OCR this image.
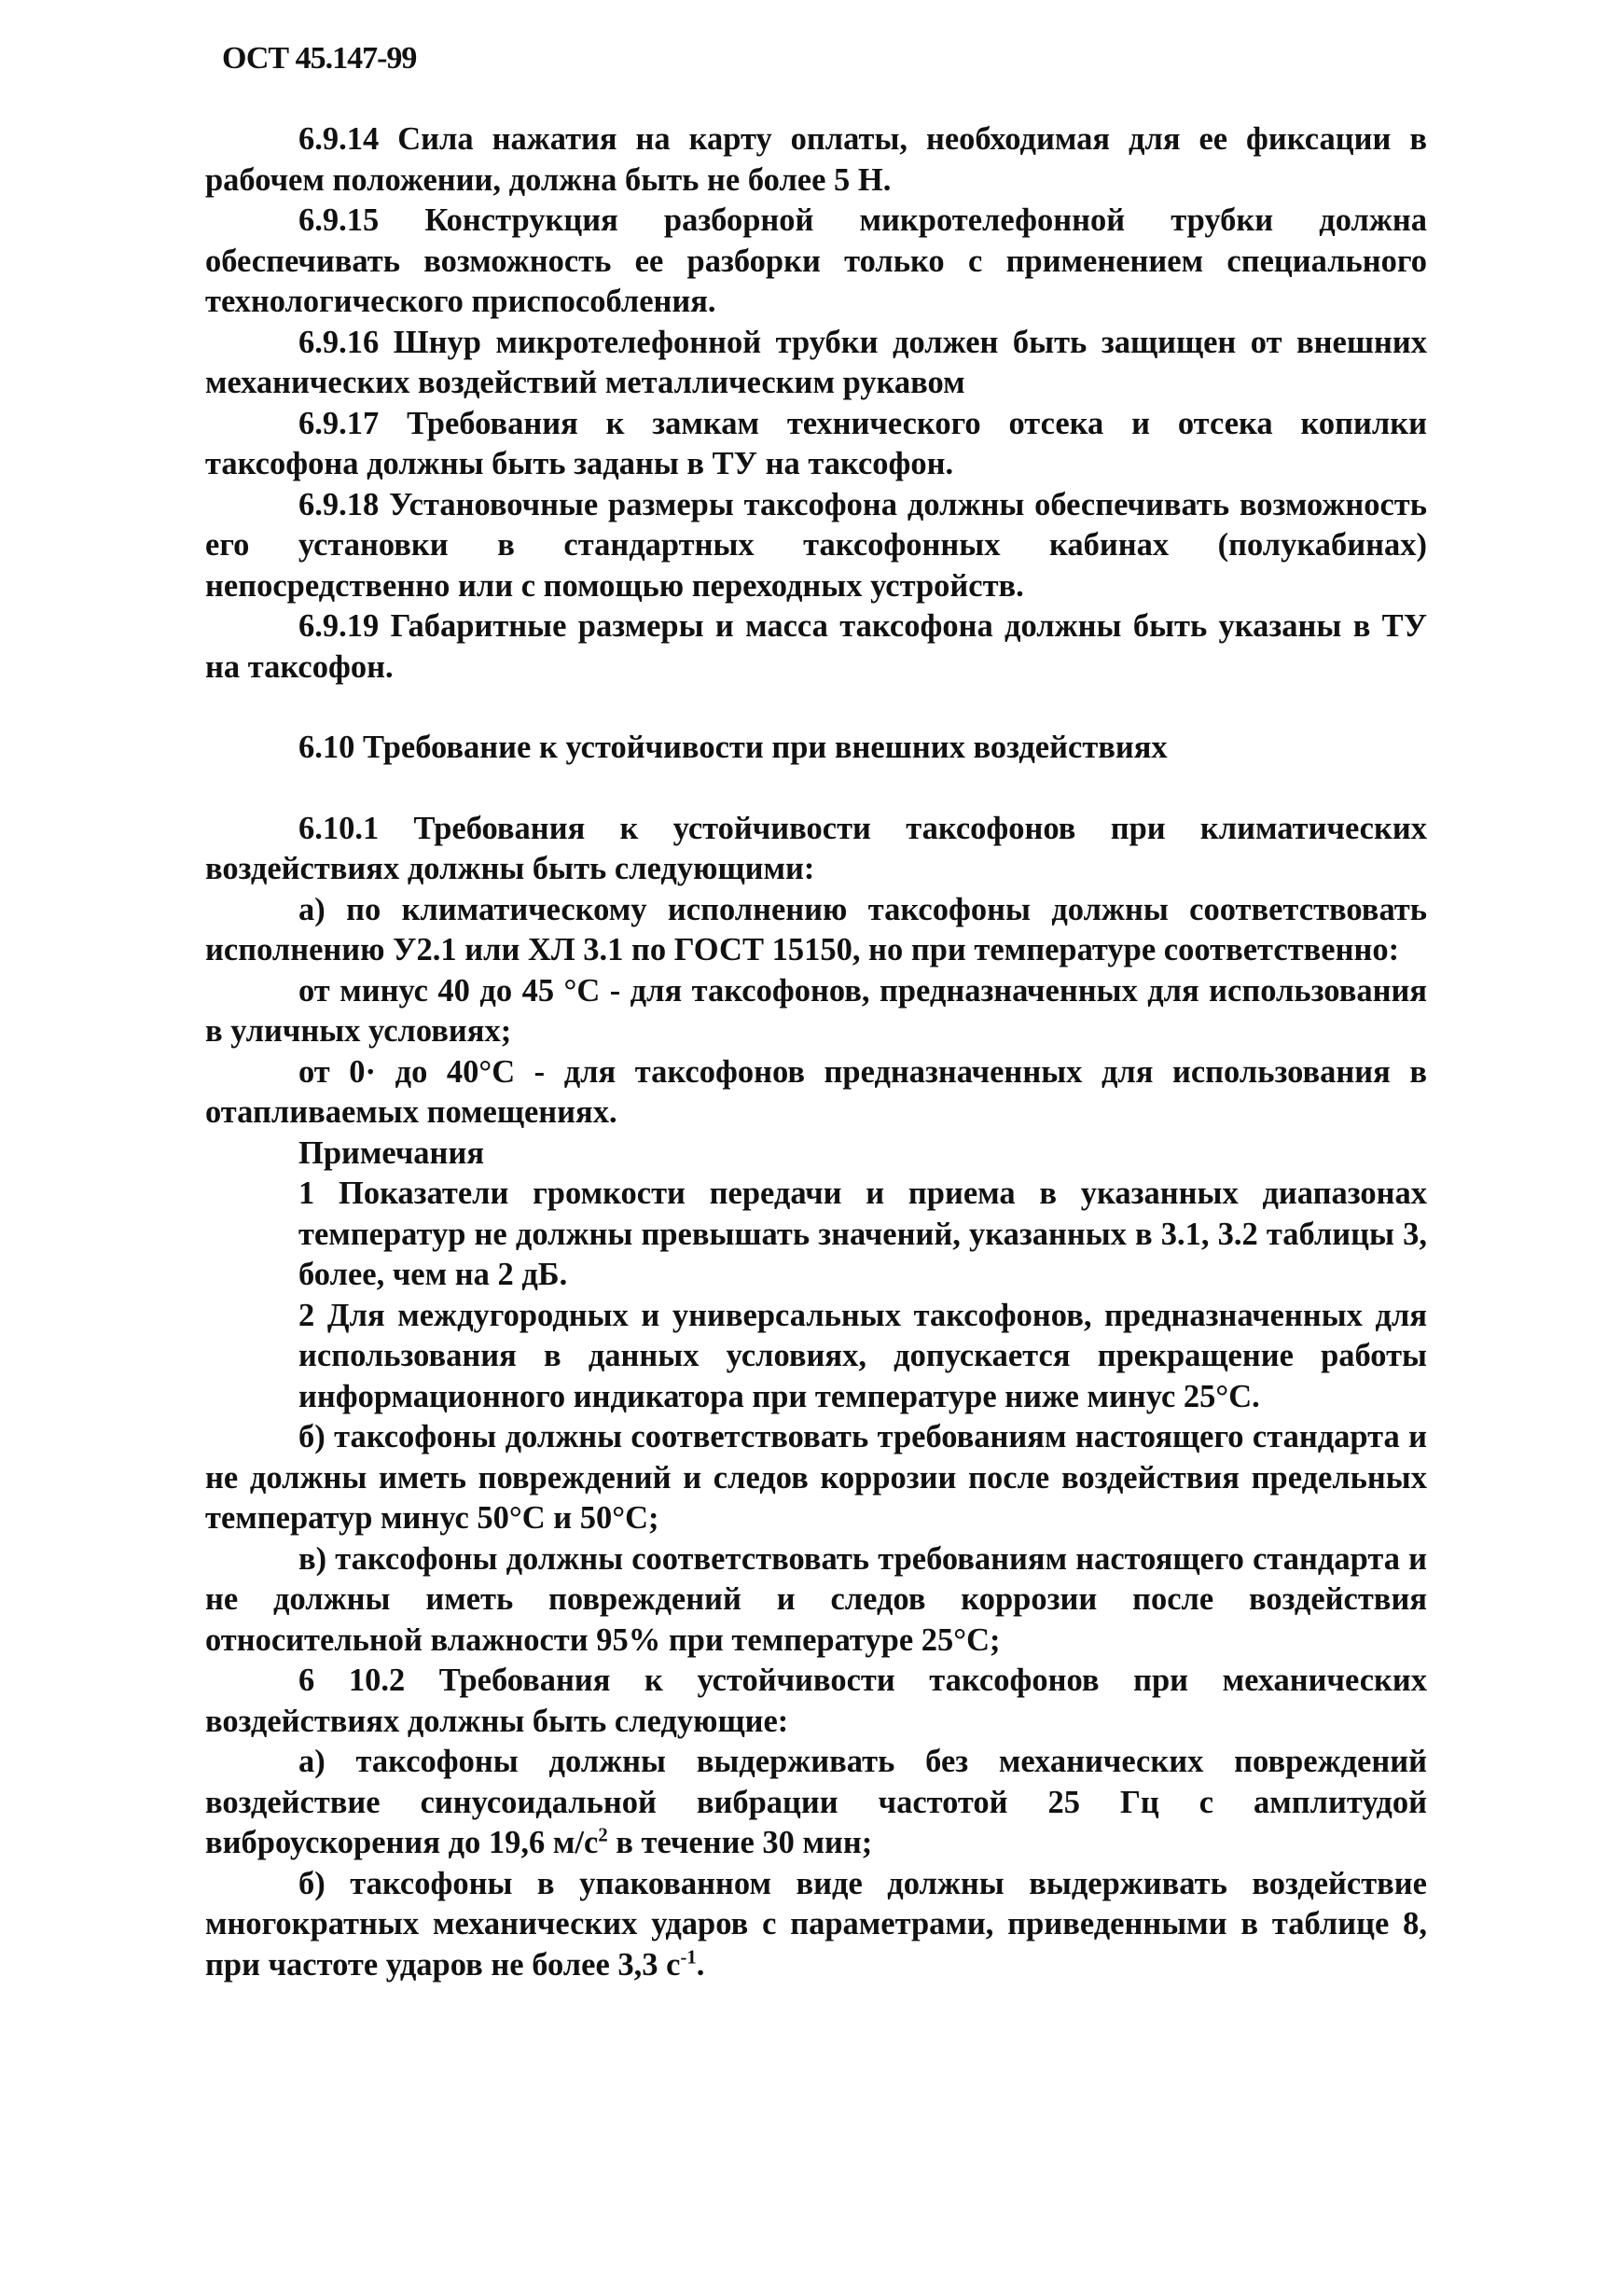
ОСТ 45.147-99

6.9.14 Сила нажатия на карту оплаты, необходимая для ее фиксации в рабочем положении, должна быть не более 5 Н.

6.9.15 Конструкция разборной микротелефонной трубки должна обеспечивать возможность ее разборки только с применением специального технологического приспособления.

6.9.16 Шнур микротелефонной трубки должен быть защищен от внешних механических воздействий металлическим рукавом

6.9.17 Требования к замкам технического отсека и отсека копилки таксофона должны быть заданы в ТУ на таксофон.

6.9.18 Установочные размеры таксофона должны обеспечивать возможность его установки в стандартных таксофонных кабинах (полукабинах) непосредственно или с помощью переходных устройств.

6.9.19 Габаритные размеры и масса таксофона должны быть указаны в ТУ на таксофон.

6.10 Требование к устойчивости при внешних воздействиях

6.10.1 Требования к устойчивости таксофонов при климатических воздействиях должны быть следующими:

а) по климатическому исполнению таксофоны должны соответствовать исполнению У2.1 или ХЛ 3.1 по ГОСТ 15150, но при температуре соответственно:

от минус 40 до 45 °С - для таксофонов, предназначенных для использования в уличных условиях;

от 0· до 40°С - для таксофонов предназначенных для использования в отапливаемых помещениях.

Примечания

1 Показатели громкости передачи и приема в указанных диапазонах температур не должны превышать значений, указанных в 3.1, 3.2 таблицы 3, более, чем на 2 дБ.

2 Для междугородных и универсальных таксофонов, предназначенных для использования в данных условиях, допускается прекращение работы информационного индикатора при температуре ниже минус 25°С.

б) таксофоны должны соответствовать требованиям настоящего стандарта и не должны иметь повреждений и следов коррозии после воздействия предельных температур минус 50°С и 50°С;

в) таксофоны должны соответствовать требованиям настоящего стандарта и не должны иметь повреждений и следов коррозии после воздействия относительной влажности 95% при температуре 25°С;

6 10.2 Требования к устойчивости таксофонов при механических воздействиях должны быть следующие:

а) таксофоны должны выдерживать без механических повреждений воздействие синусоидальной вибрации частотой 25 Гц с амплитудой виброускорения до 19,6 $м/с^2$ в течение 30 мин;

б) таксофоны в упакованном виде должны выдерживать воздействие многократных механических ударов с параметрами, приведенными в таблице 8, при частоте ударов не более 3,3 $с^{-1}$.
